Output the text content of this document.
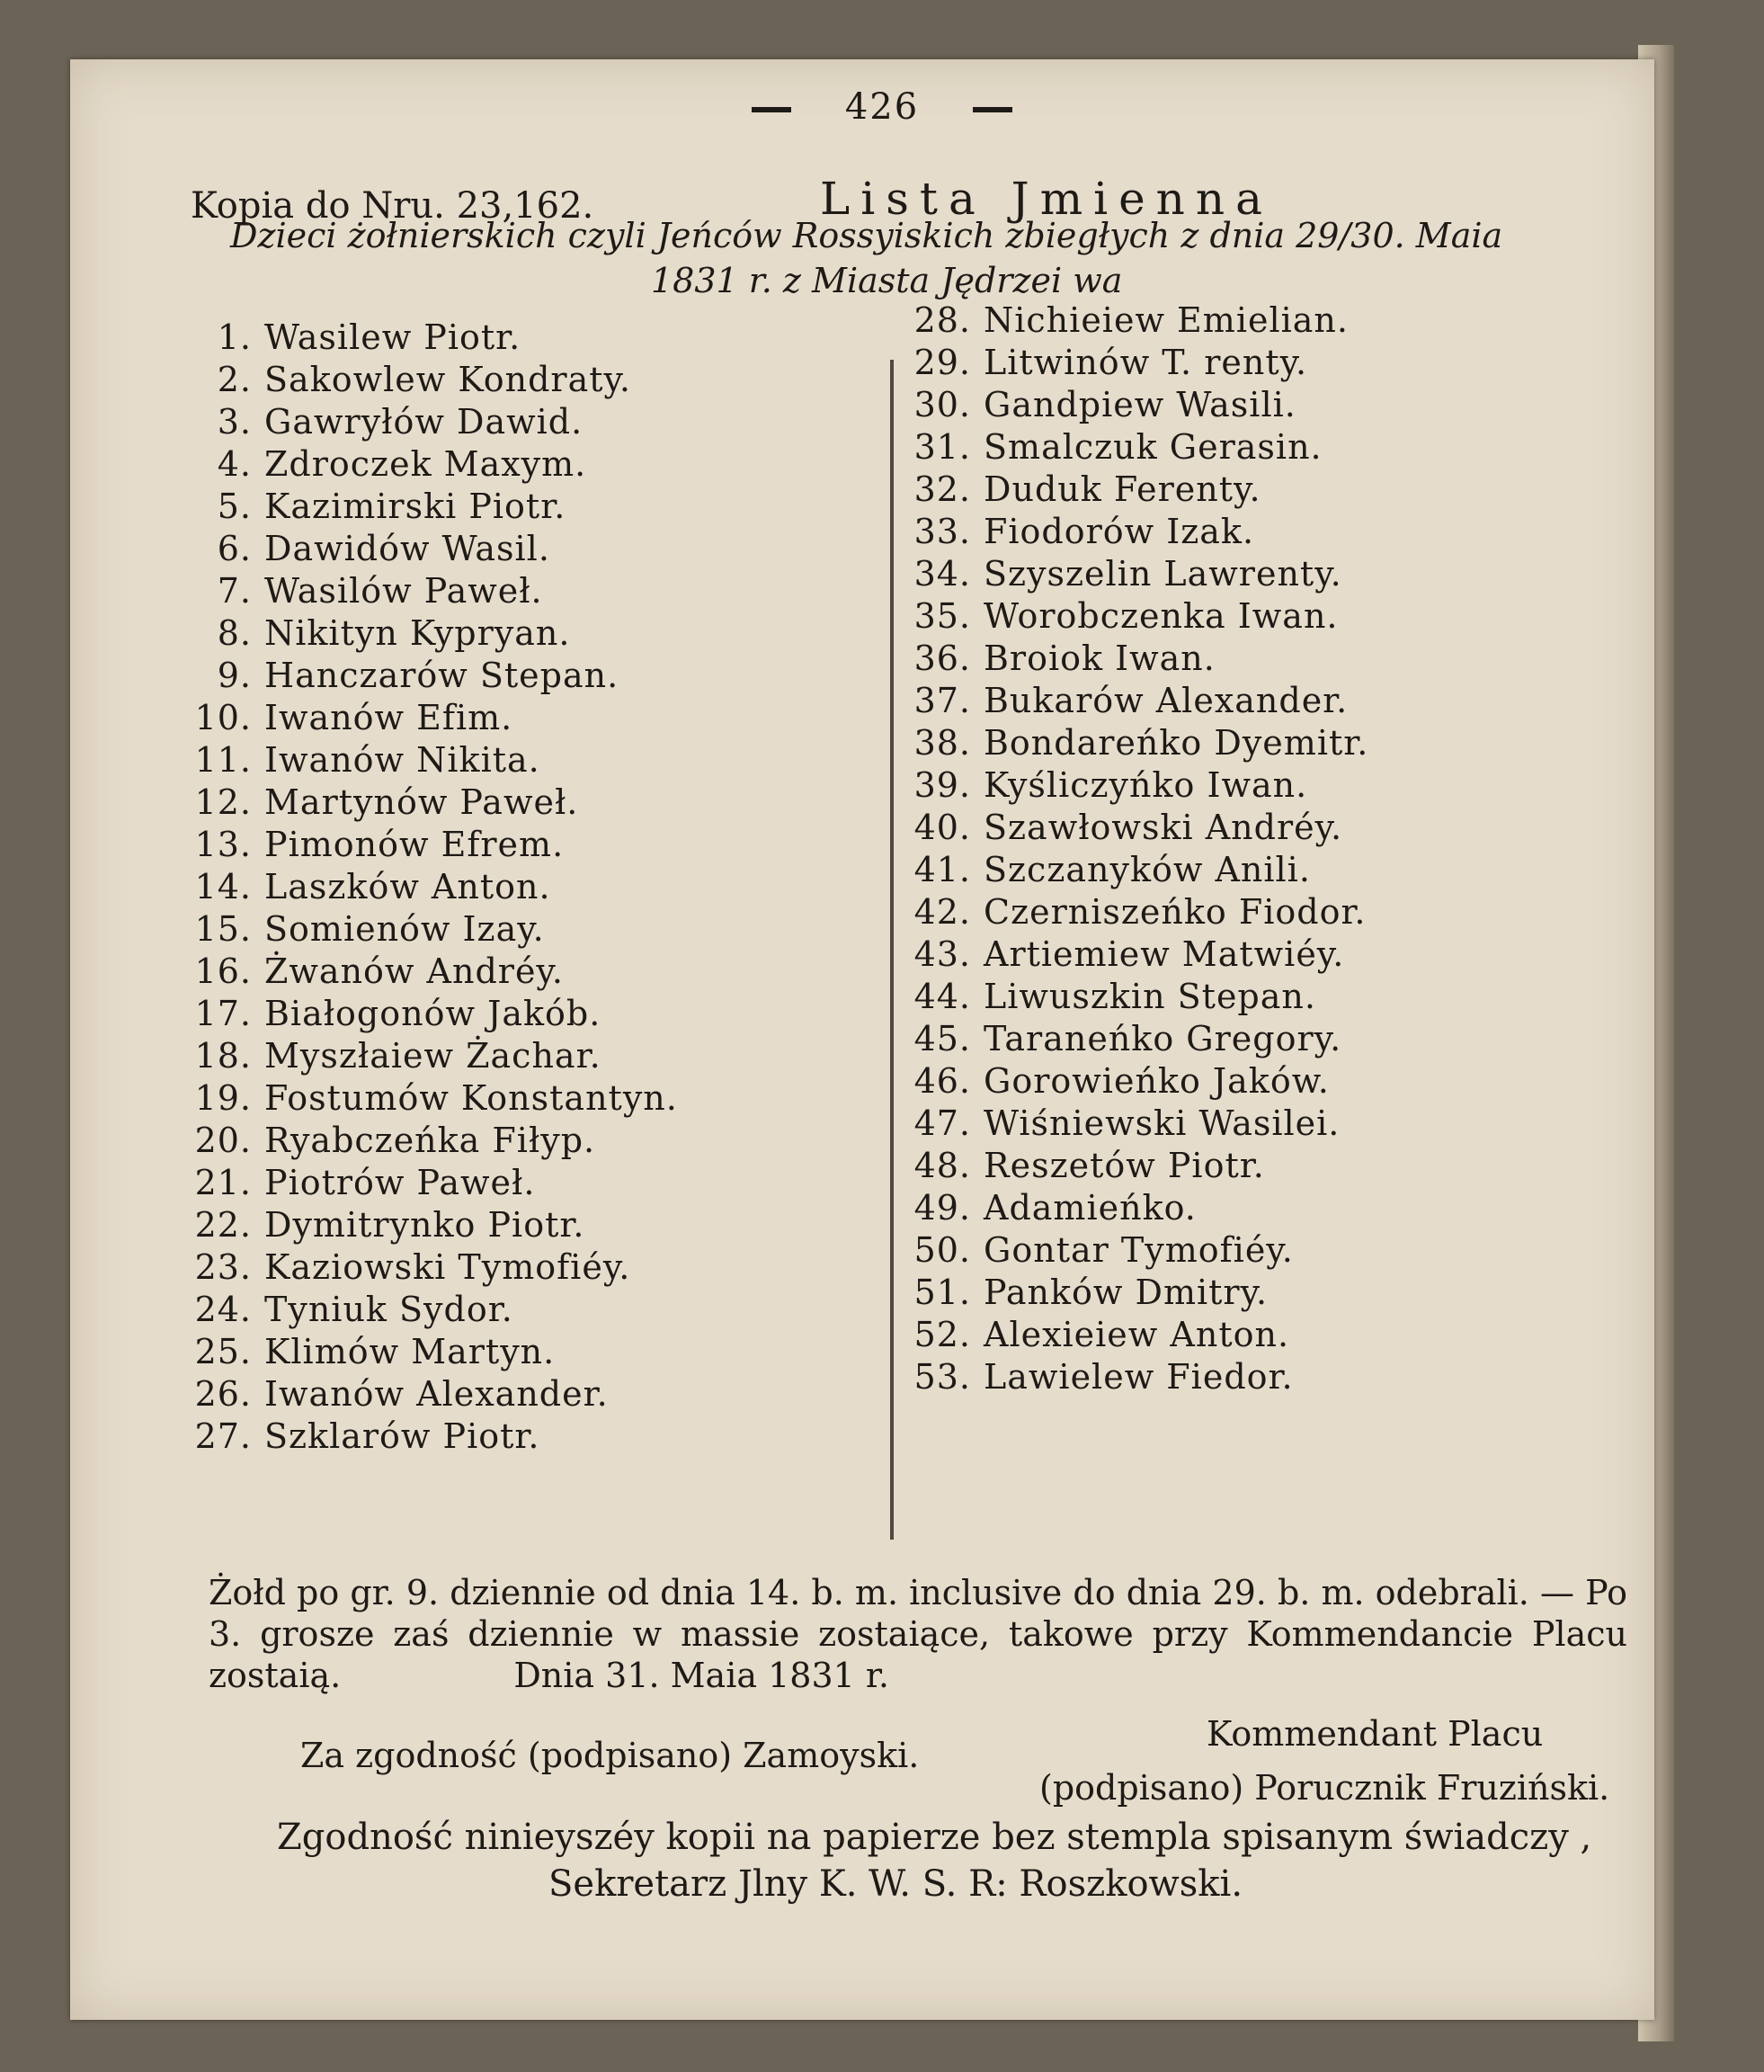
426
Kopia do Nru. 23,162.	Lista Jmienna
Dzieci żołnierskich czyli Jeńców Rossyiskich zbiegłych z dnia 29/30. Maia
1831 r. z Miasta Jędrzei wa
1. Wasilew Piotr.
2. Sakowlew Kondraty.
3. Gawryłów Dawid.
4. Zdroczek Maxym.
5. Kazimirski Piotr.
6. Dawidów Wasil.
7. Wasilów Paweł.
8. Nikityn Kypryan.
9. Hanczarów Stepan.
10. Iwanów Efim.
11. Iwanów Nikita.
12. Martynów Paweł.
13. Pimonów Efrem.
14. Laszków Anton.
15. Somienów Izay.
16. Żwanów Andréy.
17. Białogonów Jakób.
18. Myszłaiew Żachar.
19. Fostumów Konstantyn.
20. Ryabczeńka Fiłyp.
21. Piotrów Paweł.
22. Dymitrynko Piotr.
23. Kaziowski Tymofiéy.
24. Tyniuk Sydor.
25. Klimów Martyn.
26. Iwanów Alexander.
27. Szklarów Piotr.
28. Nichieiew Emielian.
29. Litwinów T. renty.
30. Gandpiew Wasili.
31. Smalczuk Gerasin.
32. Duduk Ferenty.
33. Fiodorów Izak.
34. Szyszelin Lawrenty.
35. Worobczenka Iwan.
36. Broiok Iwan.
37. Bukarów Alexander.
38. Bondareńko Dyemitr.
39. Kyśliczyńko Iwan.
40. Szawłowski Andréy.
41. Szczanyków Anili.
42. Czerniszeńko Fiodor.
43. Artiemiew Matwiéy.
44. Liwuszkin Stepan.
45. Taraneńko Gregory.
46. Gorowieńko Jaków.
47. Wiśniewski Wasilei.
48. Reszetów Piotr.
49. Adamieńko.
50. Gontar Tymofiéy.
51. Panków Dmitry.
52. Alexieiew Anton.
53. Lawielew Fiedor.
Żołd po gr. 9. dziennie od dnia 14. b. m. inclusive do dnia 29. b. m. odebrali. — Po 3. grosze zaś dziennie w massie zostaiące, takowe przy Kommendancie Placu zostaią.	Dnia 31. Maia 1831 r.
Za zgodność (podpisano) Zamoyski.
Kommendant Placu
(podpisano) Porucznik Fruziński.
Zgodność ninieyszéy kopii na papierze bez stempla spisanym świadczy ,
Sekretarz Jlny K. W. S. R: Roszkowski.
